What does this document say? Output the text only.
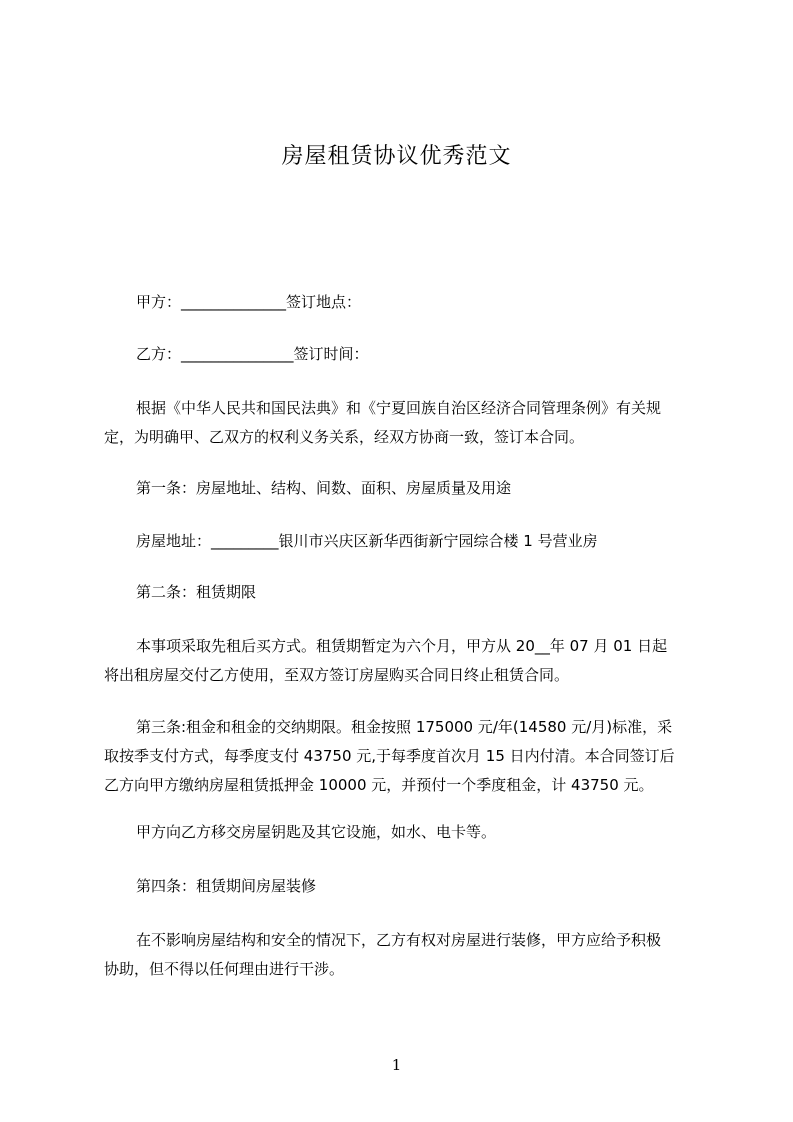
房屋租赁协议优秀范文

甲方：______________签订地点：

乙方：_______________签订时间：

根据《中华人民共和国民法典》和《宁夏回族自治区经济合同管理条例》有关规
定，为明确甲、乙双方的权利义务关系，经双方协商一致，签订本合同。

第一条：房屋地址、结构、间数、面积、房屋质量及用途

房屋地址：_________银川市兴庆区新华西街新宁园综合楼 1 号营业房

第二条：租赁期限

本事项采取先租后买方式。租赁期暂定为六个月，甲方从 20__年 07 月 01 日起
将出租房屋交付乙方使用，至双方签订房屋购买合同日终止租赁合同。
第三条:租金和租金的交纳期限。租金按照 175000 元/年(14580 元/月)标准，采
取按季支付方式，每季度支付 43750 元,于每季度首次月 15 日内付清。本合同签订后
乙方向甲方缴纳房屋租赁抵押金 10000 元，并预付一个季度租金，计 43750 元。

甲方向乙方移交房屋钥匙及其它设施，如水、电卡等。

第四条：租赁期间房屋装修

在不影响房屋结构和安全的情况下，乙方有权对房屋进行装修，甲方应给予积极
协助，但不得以任何理由进行干涉。
1
